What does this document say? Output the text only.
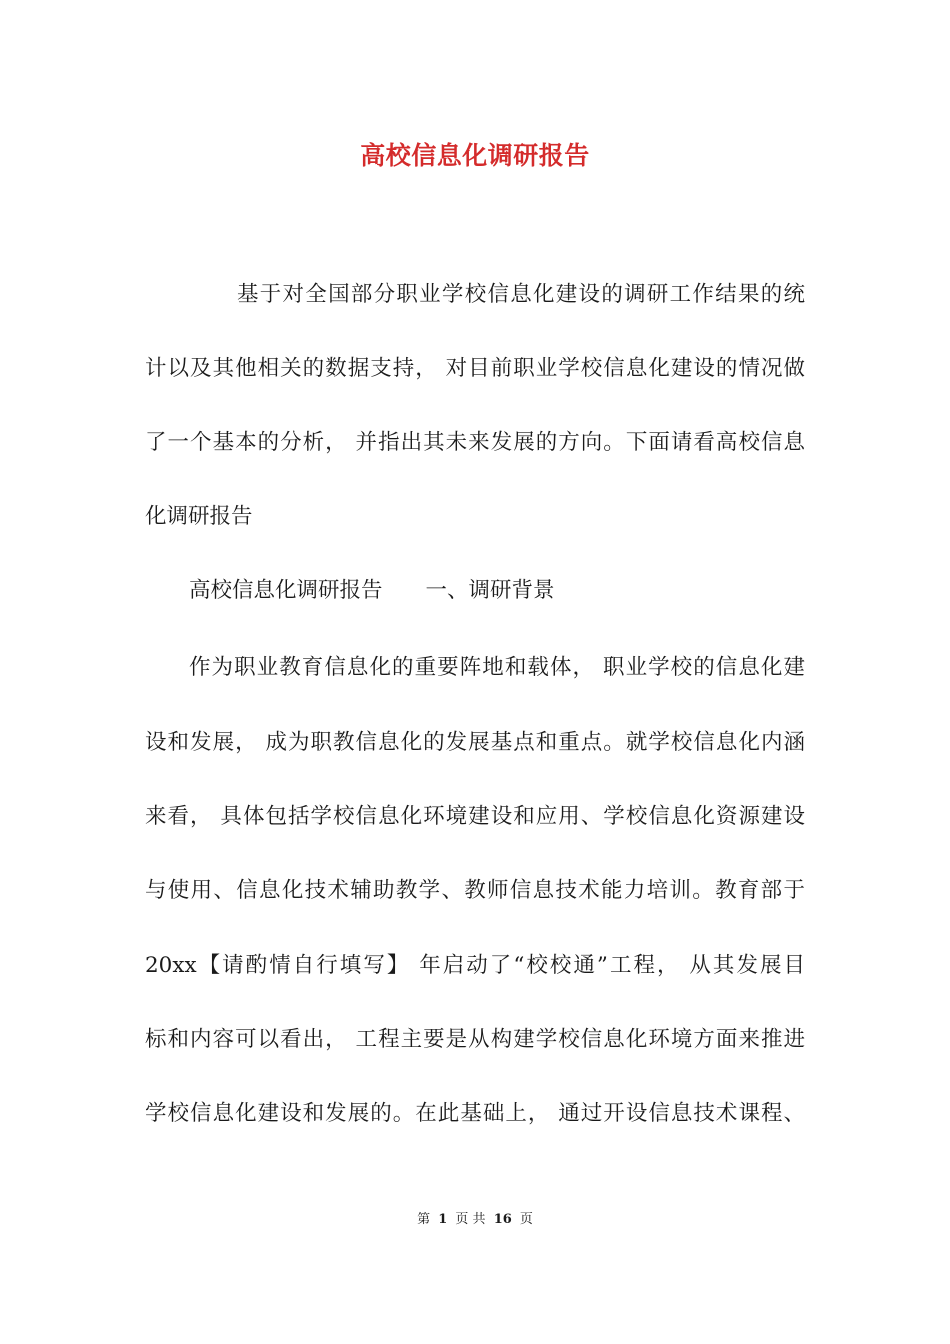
高校信息化调研报告
基于对全国部分职业学校信息化建设的调研工作结果的统
计以及其他相关的数据支持， 对目前职业学校信息化建设的情况做
了一个基本的分析， 并指出其未来发展的方向。下面请看高校信息
化调研报告
高校信息化调研报告　　一、调研背景
作为职业教育信息化的重要阵地和载体， 职业学校的信息化建
设和发展， 成为职教信息化的发展基点和重点。就学校信息化内涵
来看， 具体包括学校信息化环境建设和应用、学校信息化资源建设
与使用、信息化技术辅助教学、教师信息技术能力培训。教育部于
20xx【请酌情自行填写】 年启动了“校校通”工程， 从其发展目
标和内容可以看出， 工程主要是从构建学校信息化环境方面来推进
学校信息化建设和发展的。在此基础上， 通过开设信息技术课程、
第 1 页 共 16 页
